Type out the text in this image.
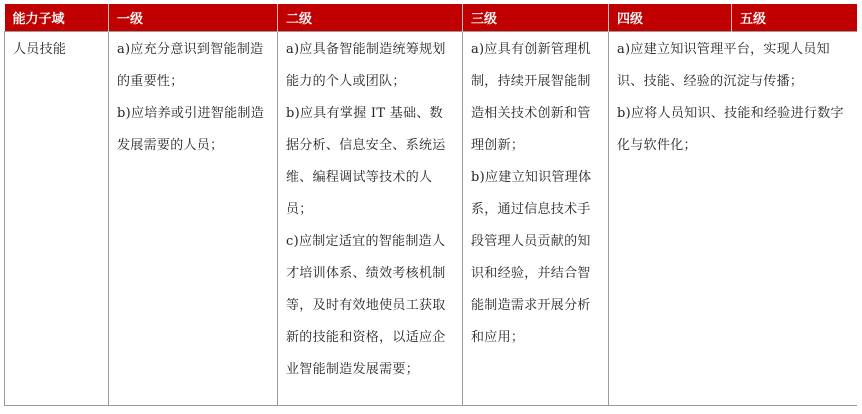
能力子域	一级	二级	三级	四级	五级

人员技能	a)应充分意识到智能制造的重要性；
b)应培养或引进智能制造发展需要的人员；	a)应具备智能制造统筹规划能力的个人或团队；
b)应具有掌握 IT 基础、数据分析、信息安全、系统运维、编程调试等技术的人员；
c)应制定适宜的智能制造人才培训体系、绩效考核机制等，及时有效地使员工获取新的技能和资格，以适应企业智能制造发展需要；	a)应具有创新管理机制，持续开展智能制造相关技术创新和管理创新；
b)应建立知识管理体系，通过信息技术手段管理人员贡献的知识和经验，并结合智能制造需求开展分析和应用；	a)应建立知识管理平台，实现人员知识、技能、经验的沉淀与传播；
b)应将人员知识、技能和经验进行数字化与软件化；	
